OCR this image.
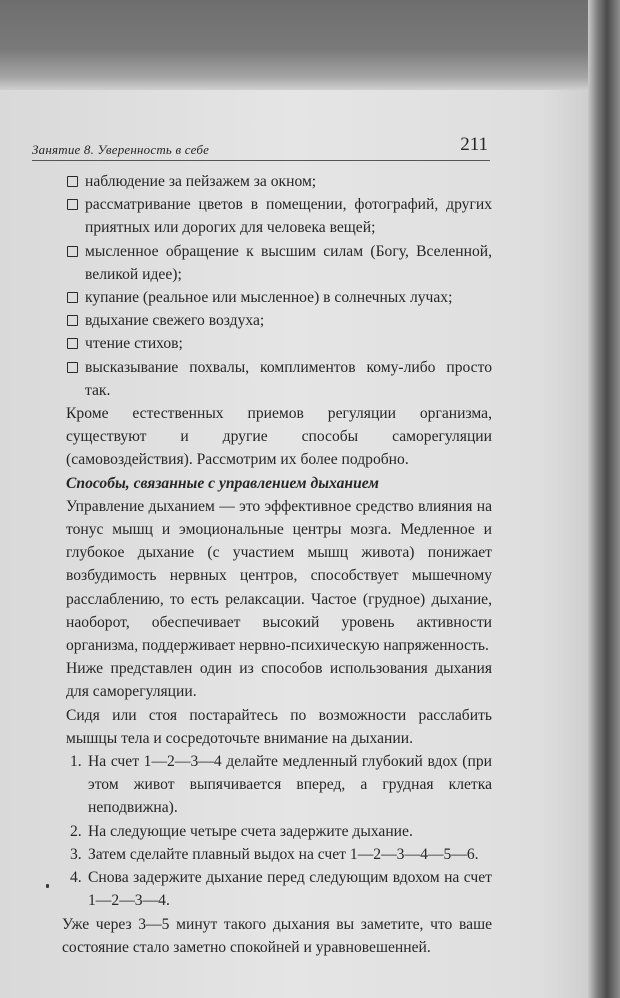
Занятие 8. Уверенность в себе	211
наблюдение за пейзажем за окном;
рассматривание цветов в помещении, фотографий, других приятных или дорогих для человека вещей;
мысленное обращение к высшим силам (Богу, Вселенной, великой идее);
купание (реальное или мысленное) в солнечных лучах;
вдыхание свежего воздуха;
чтение стихов;
высказывание похвалы, комплиментов кому-либо просто так.
Кроме естественных приемов регуляции организма, существуют и другие способы саморегуляции (самовоздействия). Рассмотрим их более подробно.
Способы, связанные с управлением дыханием
Управление дыханием — это эффективное средство влияния на тонус мышц и эмоциональные центры мозга. Медленное и глубокое дыхание (с участием мышц живота) понижает возбудимость нервных центров, способствует мышечному расслаблению, то есть релаксации. Частое (грудное) дыхание, наоборот, обеспечивает высокий уровень активности организма, поддерживает нервно-психическую напряженность.
Ниже представлен один из способов использования дыхания для саморегуляции.
Сидя или стоя постарайтесь по возможности расслабить мышцы тела и сосредоточьте внимание на дыхании.
1. На счет 1—2—3—4 делайте медленный глубокий вдох (при этом живот выпячивается вперед, а грудная клетка неподвижна).
2. На следующие четыре счета задержите дыхание.
3. Затем сделайте плавный выдох на счет 1—2—3—4—5—6.
4. Снова задержите дыхание перед следующим вдохом на счет 1—2—3—4.
Уже через 3—5 минут такого дыхания вы заметите, что ваше состояние стало заметно спокойней и уравновешенней.
